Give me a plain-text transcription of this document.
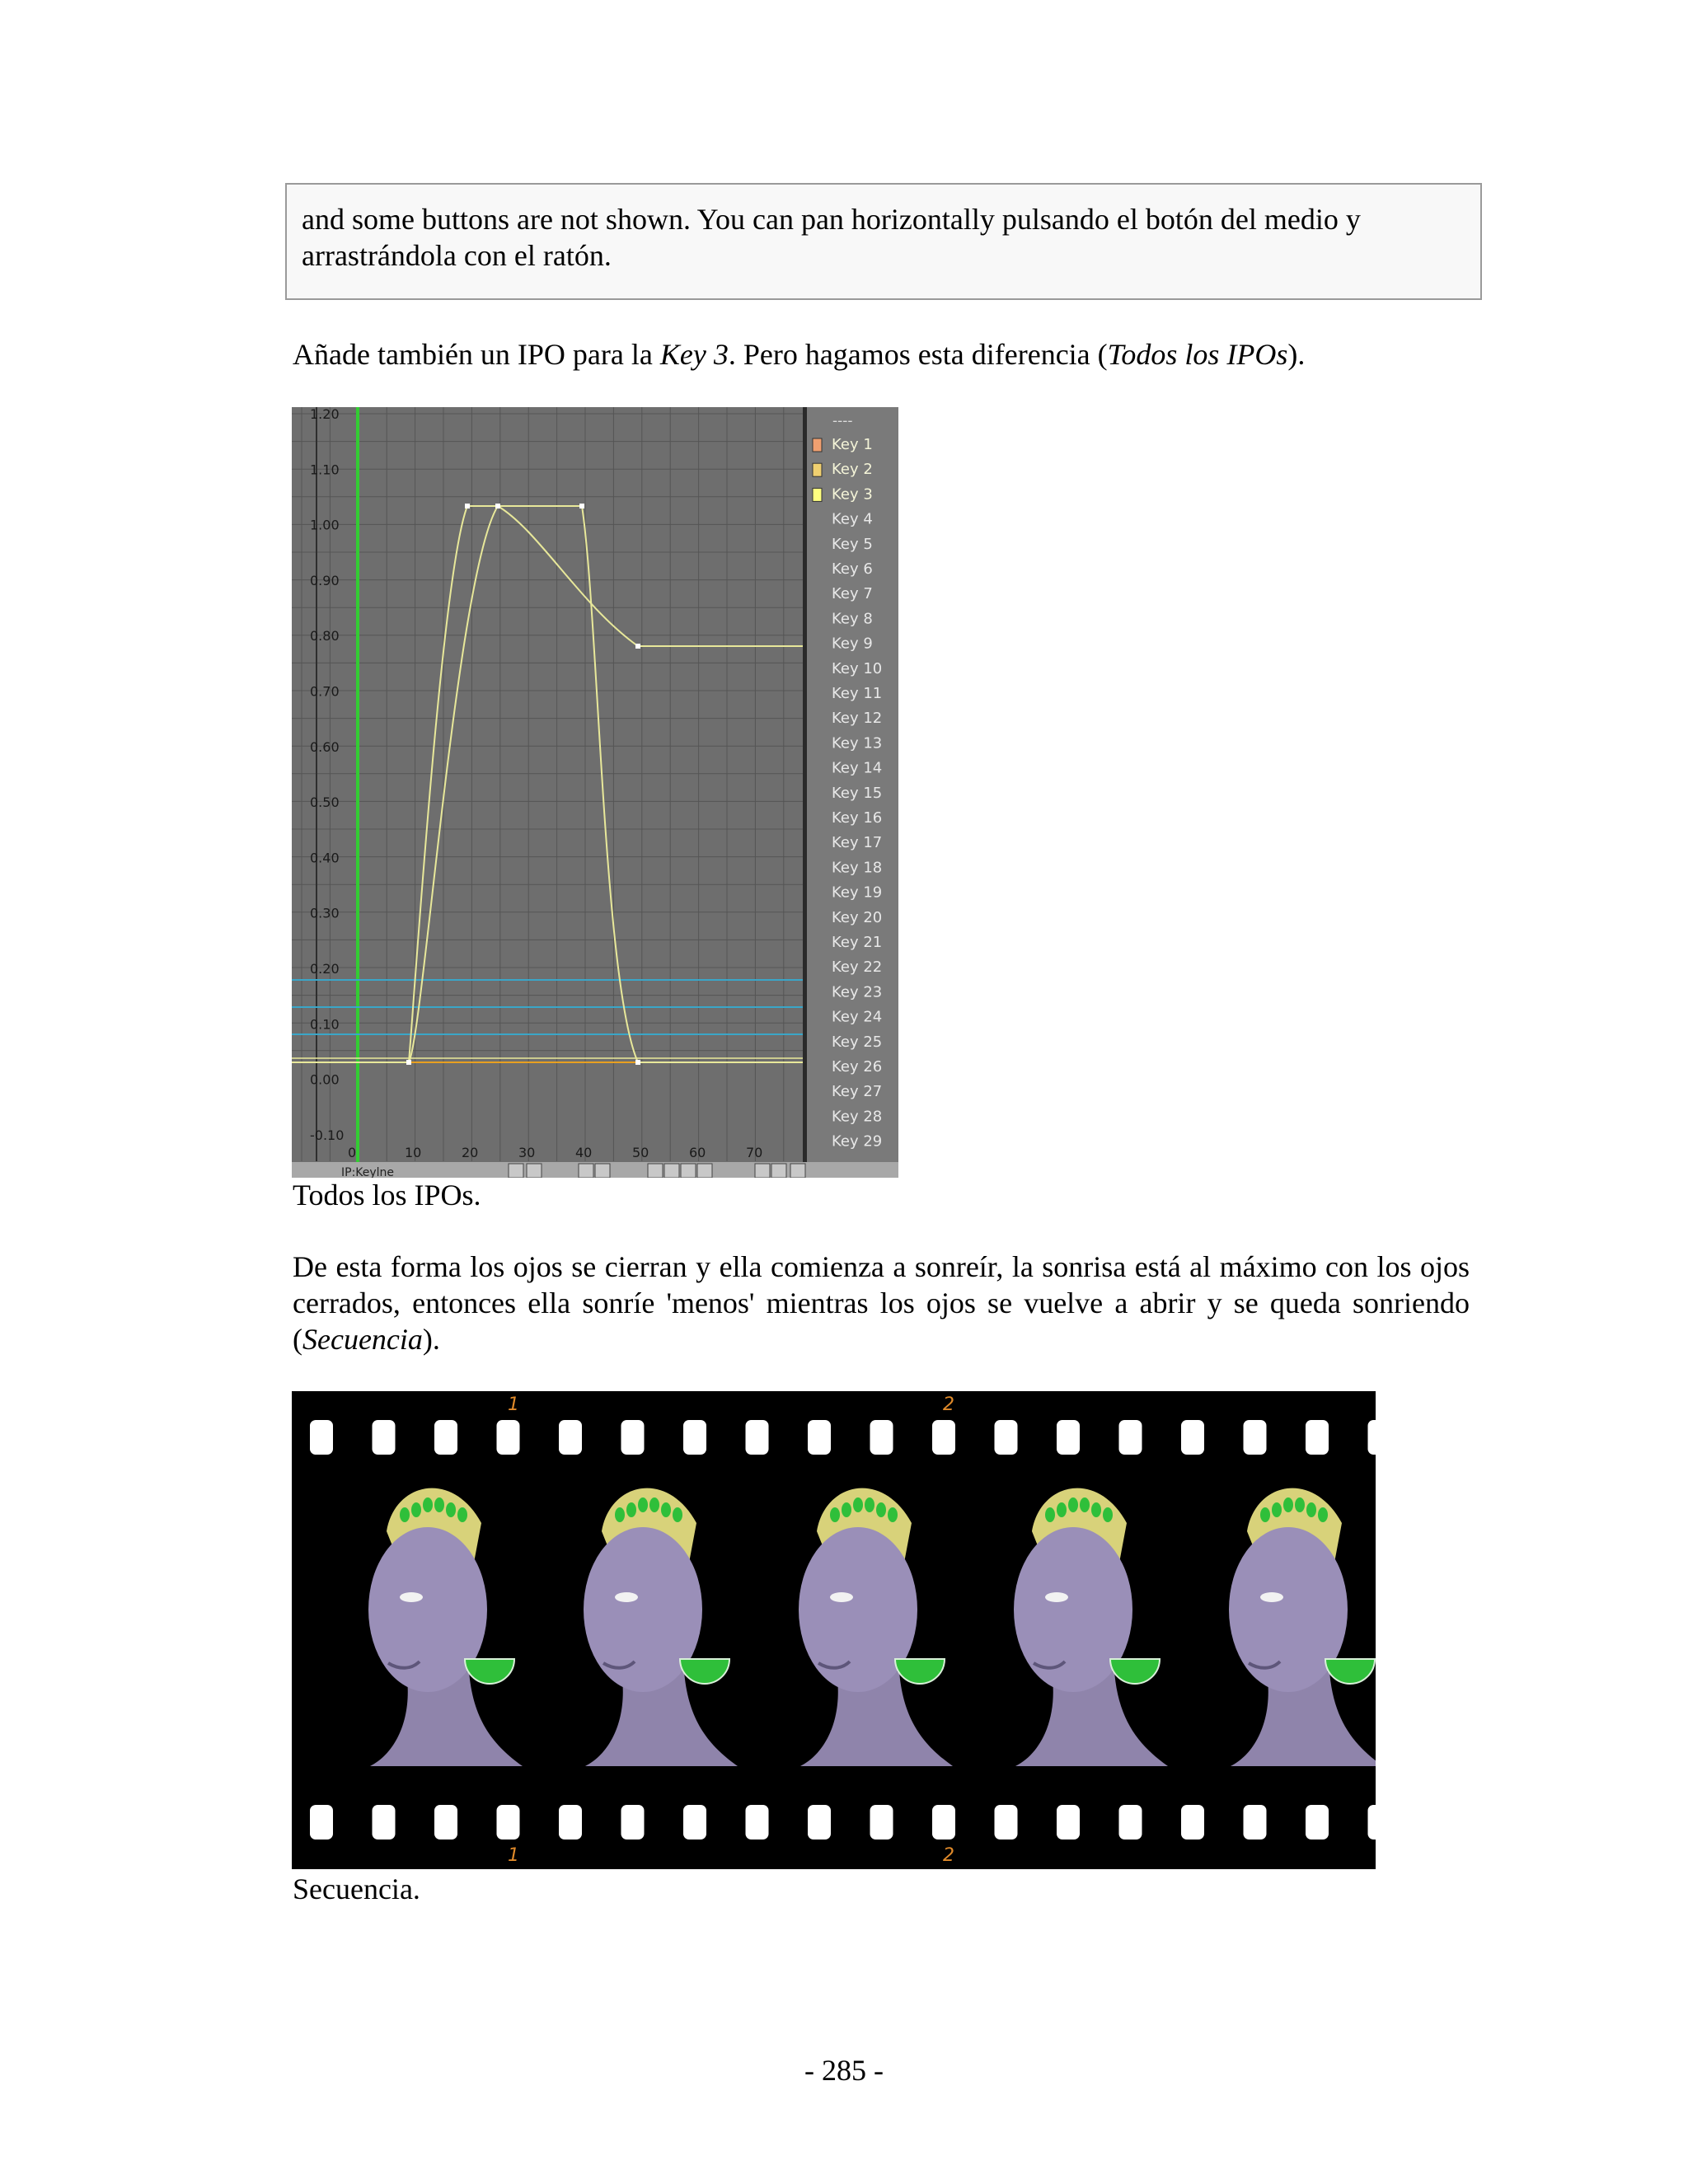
and some buttons are not shown. You can pan horizontally pulsando el botón del medio y
arrastrándola con el ratón.
Añade también un IPO para la Key 3. Pero hagamos esta diferencia (Todos los IPOs).
1.20
1.10
1.00
0.90
0.80
0.70
0.60
0.50
0.40
0.30
0.20
0.10
0.00
-0.10
0	10	20	30	40	50	60	70
----
Key 1
Key 2
Key 3
Key 4
Key 5
Key 6
Key 7
Key 8
Key 9
Key 10
Key 11
Key 12
Key 13
Key 14
Key 15
Key 16
Key 17
Key 18
Key 19
Key 20
Key 21
Key 22
Key 23
Key 24
Key 25
Key 26
Key 27
Key 28
Key 29
IP:Keylne
Todos los IPOs.
De esta forma los ojos se cierran y ella comienza a sonreír, la sonrisa está al máximo con los ojos cerrados, entonces ella sonríe 'menos' mientras los ojos se vuelve a abrir y se queda sonriendo (Secuencia).
1	2
1	2
Secuencia.
- 285 -
